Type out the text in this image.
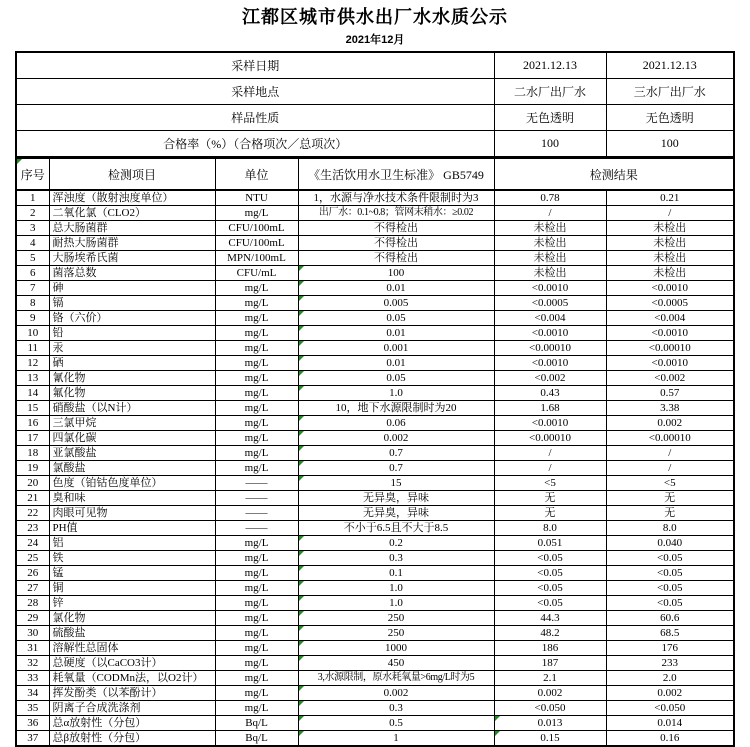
江都区城市供水出厂水水质公示
2021年12月
采样日期	2021.12.13	2021.12.13
采样地点	二水厂出厂水	三水厂出厂水
样品性质	无色透明	无色透明
合格率（%）（合格项次／总项次）	100	100
序号	检测项目	单位	《生活饮用水卫生标准》 GB5749	检测结果	
1	浑浊度（散射浊度单位）	NTU	1，水源与净水技术条件限制时为3	0.78	0.21
2	二氧化氯（CLO2）	mg/L	出厂水：0.1~0.8；管网末稍水：≥0.02	/	/
3	总大肠菌群	CFU/100mL	不得检出	未检出	未检出
4	耐热大肠菌群	CFU/100mL	不得检出	未检出	未检出
5	大肠埃希氏菌	MPN/100mL	不得检出	未检出	未检出
6	菌落总数	CFU/mL	100	未检出	未检出
7	砷	mg/L	0.01	<0.0010	<0.0010
8	镉	mg/L	0.005	<0.0005	<0.0005
9	铬（六价）	mg/L	0.05	<0.004	<0.004
10	铅	mg/L	0.01	<0.0010	<0.0010
11	汞	mg/L	0.001	<0.00010	<0.00010
12	硒	mg/L	0.01	<0.0010	<0.0010
13	氰化物	mg/L	0.05	<0.002	<0.002
14	氟化物	mg/L	1.0	0.43	0.57
15	硝酸盐（以N计）	mg/L	10，地下水源限制时为20	1.68	3.38
16	三氯甲烷	mg/L	0.06	<0.0010	0.002
17	四氯化碳	mg/L	0.002	<0.00010	<0.00010
18	亚氯酸盐	mg/L	0.7	/	/
19	氯酸盐	mg/L	0.7	/	/
20	色度（铂钴色度单位）	——	15	<5	<5
21	臭和味	——	无异臭，异味	无	无
22	肉眼可见物	——	无异臭，异味	无	无
23	PH值	——	不小于6.5且不大于8.5	8.0	8.0
24	铝	mg/L	0.2	0.051	0.040
25	铁	mg/L	0.3	<0.05	<0.05
26	锰	mg/L	0.1	<0.05	<0.05
27	铜	mg/L	1.0	<0.05	<0.05
28	锌	mg/L	1.0	<0.05	<0.05
29	氯化物	mg/L	250	44.3	60.6
30	硫酸盐	mg/L	250	48.2	68.5
31	溶解性总固体	mg/L	1000	186	176
32	总硬度（以CaCO3计）	mg/L	450	187	233
33	耗氧量（CODMn法，以O2计）	mg/L	3,水源限制，原水耗氧量>6mg/L时为5	2.1	2.0
34	挥发酚类（以苯酚计）	mg/L	0.002	0.002	0.002
35	阴离子合成洗涤剂	mg/L	0.3	<0.050	<0.050
36	总α放射性（分包）	Bq/L	0.5	0.013	0.014
37	总β放射性（分包）	Bq/L	1	0.15	0.16
